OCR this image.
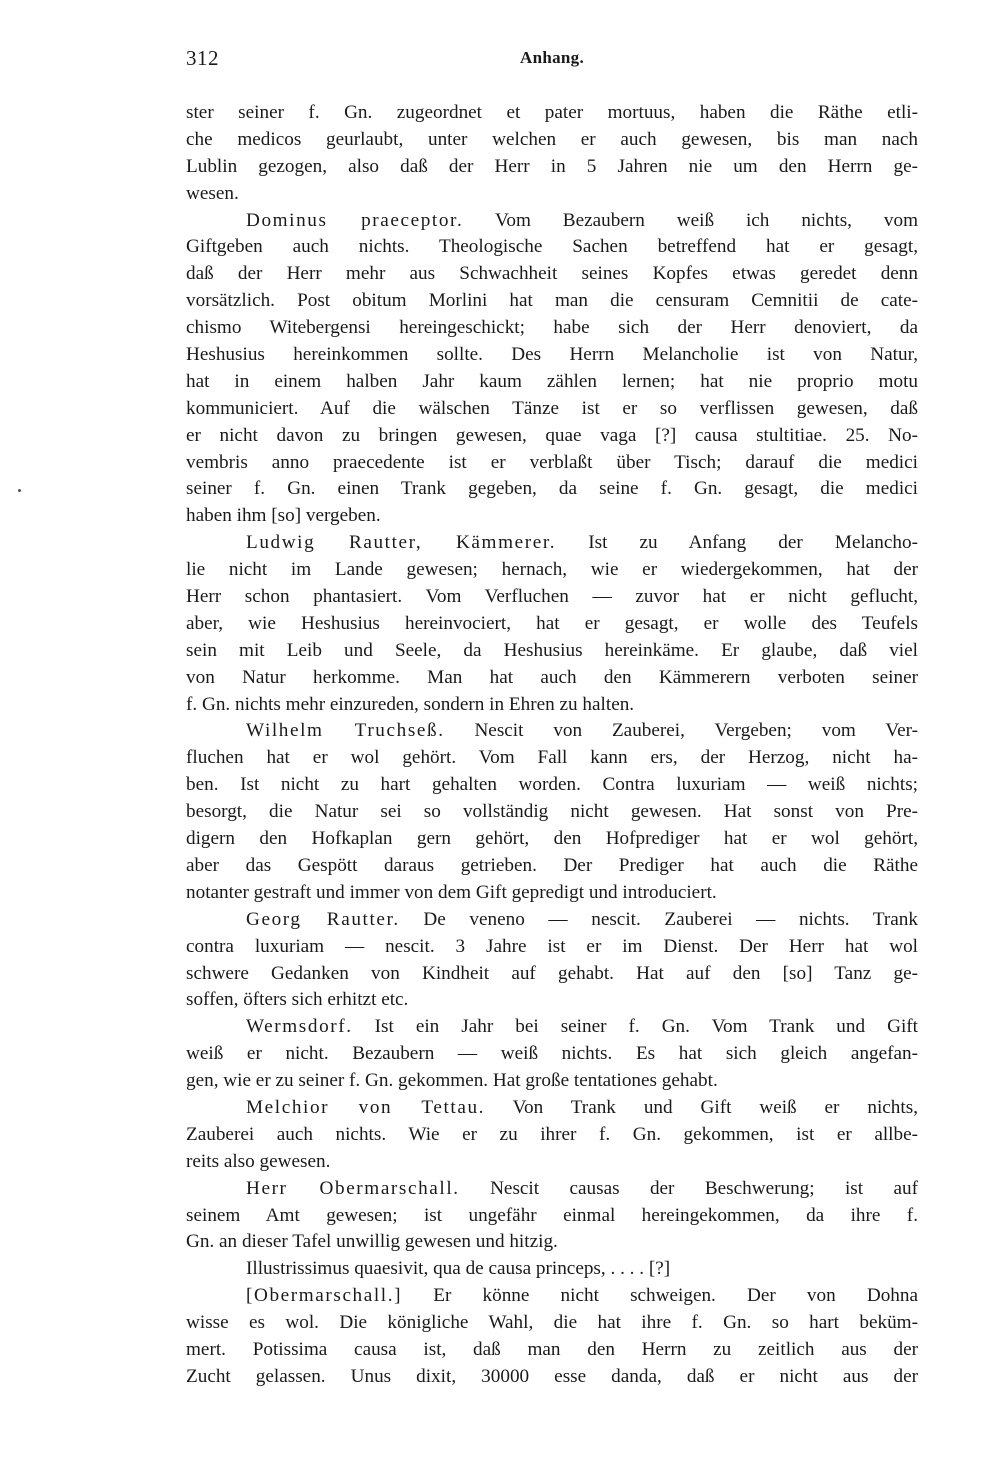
312	Anhang.
ster seiner f. Gn. zugeordnet et pater mortuus, haben die Räthe etli-
che medicos geurlaubt, unter welchen er auch gewesen, bis man nach
Lublin gezogen, also daß der Herr in 5 Jahren nie um den Herrn ge-
wesen.
Dominus praeceptor. Vom Bezaubern weiß ich nichts, vom
Giftgeben auch nichts. Theologische Sachen betreffend hat er gesagt,
daß der Herr mehr aus Schwachheit seines Kopfes etwas geredet denn
vorsätzlich. Post obitum Morlini hat man die censuram Cemnitii de cate-
chismo Witebergensi hereingeschickt; habe sich der Herr denoviert, da
Heshusius hereinkommen sollte. Des Herrn Melancholie ist von Natur,
hat in einem halben Jahr kaum zählen lernen; hat nie proprio motu
kommuniciert. Auf die wälschen Tänze ist er so verflissen gewesen, daß
er nicht davon zu bringen gewesen, quae vaga [?] causa stultitiae. 25. No-
vembris anno praecedente ist er verblaßt über Tisch; darauf die medici
seiner f. Gn. einen Trank gegeben, da seine f. Gn. gesagt, die medici
haben ihm [so] vergeben.
Ludwig Rautter, Kämmerer. Ist zu Anfang der Melancho-
lie nicht im Lande gewesen; hernach, wie er wiedergekommen, hat der
Herr schon phantasiert. Vom Verfluchen — zuvor hat er nicht geflucht,
aber, wie Heshusius hereinvociert, hat er gesagt, er wolle des Teufels
sein mit Leib und Seele, da Heshusius hereinkäme. Er glaube, daß viel
von Natur herkomme. Man hat auch den Kämmerern verboten seiner
f. Gn. nichts mehr einzureden, sondern in Ehren zu halten.
Wilhelm Truchseß. Nescit von Zauberei, Vergeben; vom Ver-
fluchen hat er wol gehört. Vom Fall kann ers, der Herzog, nicht ha-
ben. Ist nicht zu hart gehalten worden. Contra luxuriam — weiß nichts;
besorgt, die Natur sei so vollständig nicht gewesen. Hat sonst von Pre-
digern den Hofkaplan gern gehört, den Hofprediger hat er wol gehört,
aber das Gespött daraus getrieben. Der Prediger hat auch die Räthe
notanter gestraft und immer von dem Gift gepredigt und introduciert.
Georg Rautter. De veneno — nescit. Zauberei — nichts. Trank
contra luxuriam — nescit. 3 Jahre ist er im Dienst. Der Herr hat wol
schwere Gedanken von Kindheit auf gehabt. Hat auf den [so] Tanz ge-
soffen, öfters sich erhitzt etc.
Wermsdorf. Ist ein Jahr bei seiner f. Gn. Vom Trank und Gift
weiß er nicht. Bezaubern — weiß nichts. Es hat sich gleich angefan-
gen, wie er zu seiner f. Gn. gekommen. Hat große tentationes gehabt.
Melchior von Tettau. Von Trank und Gift weiß er nichts,
Zauberei auch nichts. Wie er zu ihrer f. Gn. gekommen, ist er allbe-
reits also gewesen.
Herr Obermarschall. Nescit causas der Beschwerung; ist auf
seinem Amt gewesen; ist ungefähr einmal hereingekommen, da ihre f.
Gn. an dieser Tafel unwillig gewesen und hitzig.
Illustrissimus quaesivit, qua de causa princeps, . . . . [?]
[Obermarschall.] Er könne nicht schweigen. Der von Dohna
wisse es wol. Die königliche Wahl, die hat ihre f. Gn. so hart beküm-
mert. Potissima causa ist, daß man den Herrn zu zeitlich aus der
Zucht gelassen. Unus dixit, 30000 esse danda, daß er nicht aus der
